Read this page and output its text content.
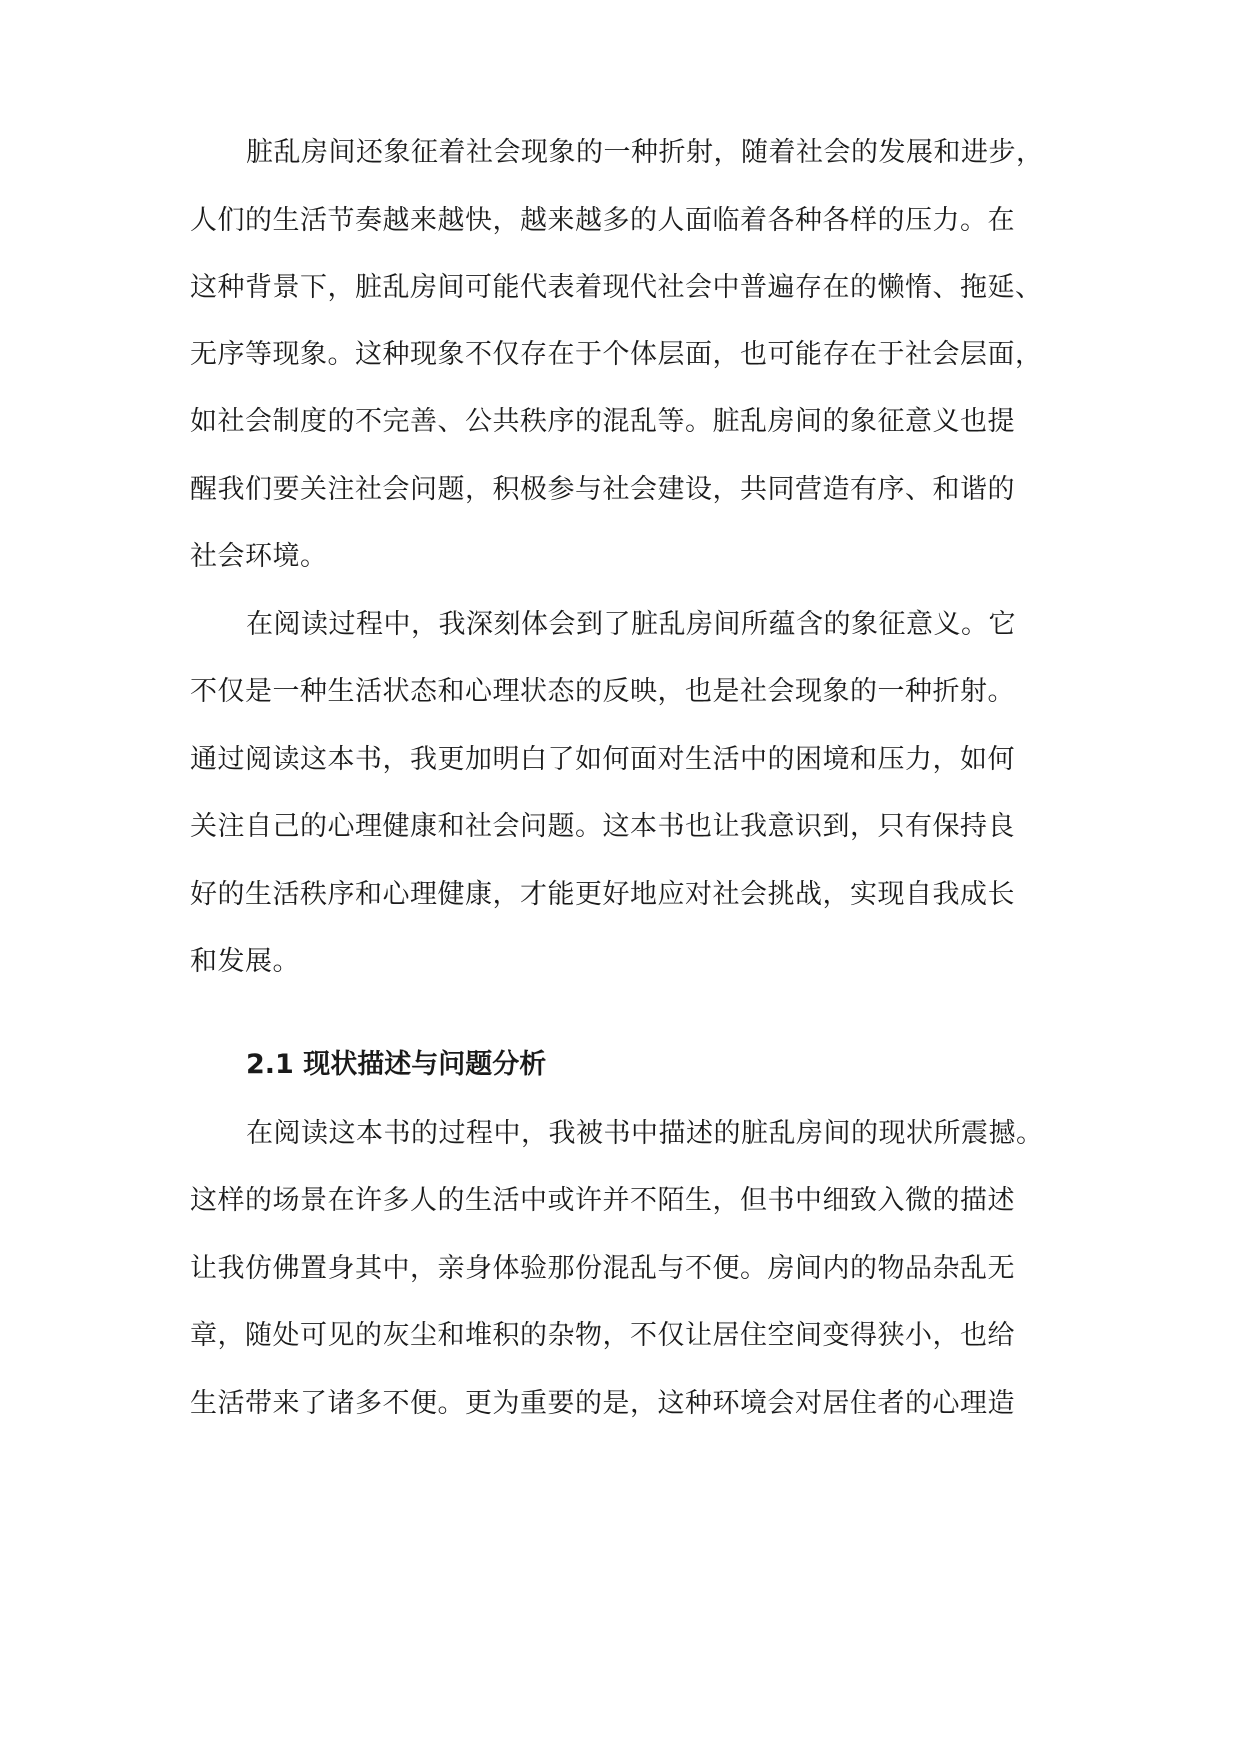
脏乱房间还象征着社会现象的一种折射，随着社会的发展和进步，
人们的生活节奏越来越快，越来越多的人面临着各种各样的压力。在
这种背景下，脏乱房间可能代表着现代社会中普遍存在的懒惰、拖延、
无序等现象。这种现象不仅存在于个体层面，也可能存在于社会层面，
如社会制度的不完善、公共秩序的混乱等。脏乱房间的象征意义也提
醒我们要关注社会问题，积极参与社会建设，共同营造有序、和谐的
社会环境。
在阅读过程中，我深刻体会到了脏乱房间所蕴含的象征意义。它
不仅是一种生活状态和心理状态的反映，也是社会现象的一种折射。
通过阅读这本书，我更加明白了如何面对生活中的困境和压力，如何
关注自己的心理健康和社会问题。这本书也让我意识到，只有保持良
好的生活秩序和心理健康，才能更好地应对社会挑战，实现自我成长
和发展。
2.1 现状描述与问题分析
在阅读这本书的过程中，我被书中描述的脏乱房间的现状所震撼。
这样的场景在许多人的生活中或许并不陌生，但书中细致入微的描述
让我仿佛置身其中，亲身体验那份混乱与不便。房间内的物品杂乱无
章，随处可见的灰尘和堆积的杂物，不仅让居住空间变得狭小，也给
生活带来了诸多不便。更为重要的是，这种环境会对居住者的心理造
